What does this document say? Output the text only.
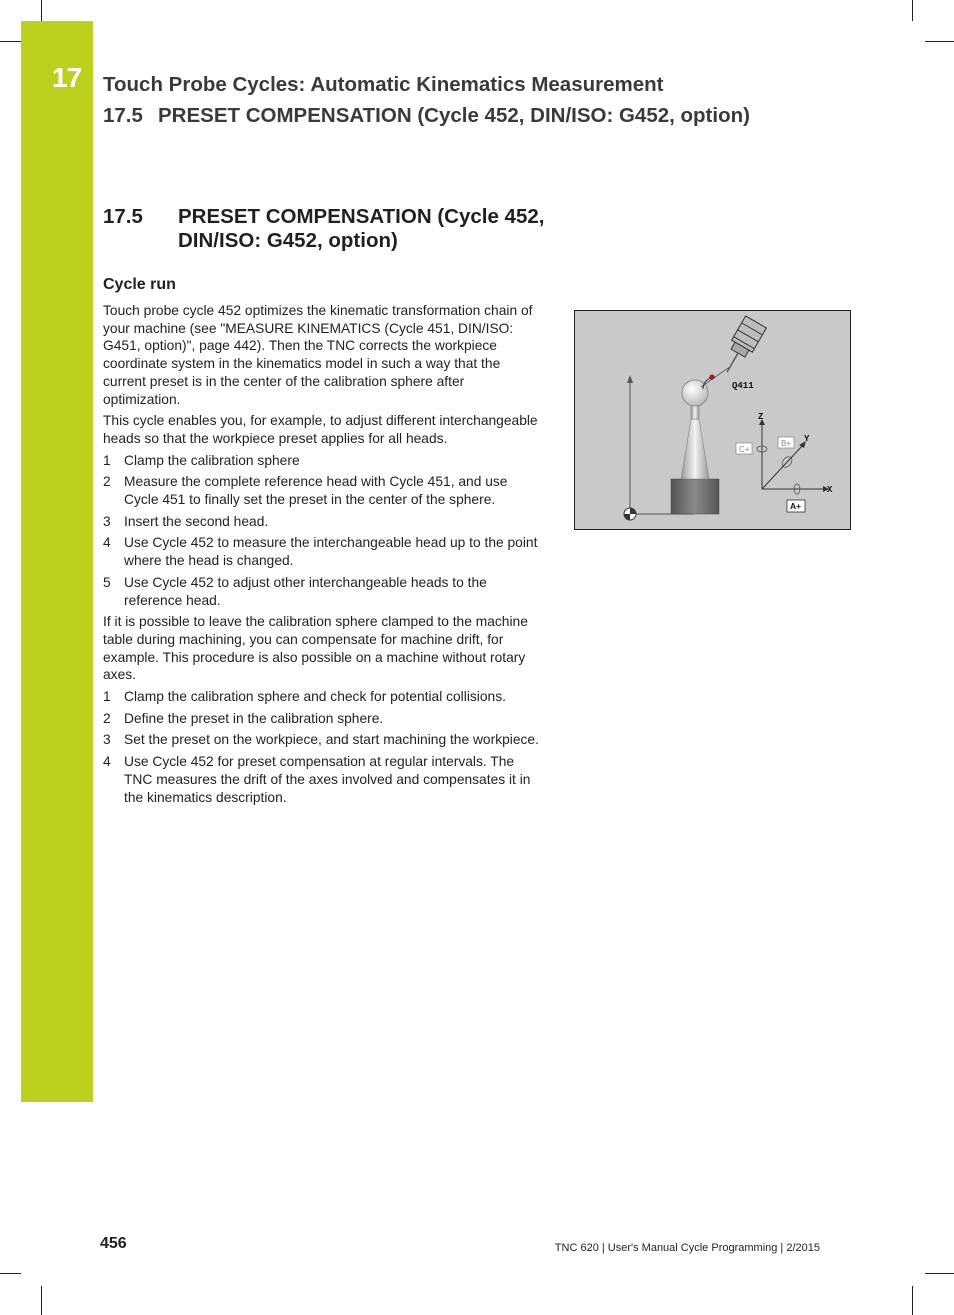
17 Touch Probe Cycles: Automatic Kinematics Measurement
17.5 PRESET COMPENSATION (Cycle 452, DIN/ISO: G452, option)
17.5 PRESET COMPENSATION (Cycle 452, DIN/ISO: G452, option)
Cycle run

Touch probe cycle 452 optimizes the kinematic transformation chain of your machine (see "MEASURE KINEMATICS (Cycle 451, DIN/ISO: G451, option)", page 442). Then the TNC corrects the workpiece coordinate system in the kinematics model in such a way that the current preset is in the center of the calibration sphere after optimization.

This cycle enables you, for example, to adjust different interchangeable heads so that the workpiece preset applies for all heads.

1 Clamp the calibration sphere
2 Measure the complete reference head with Cycle 451, and use Cycle 451 to finally set the preset in the center of the sphere.
3 Insert the second head.
4 Use Cycle 452 to measure the interchangeable head up to the point where the head is changed.
5 Use Cycle 452 to adjust other interchangeable heads to the reference head.

If it is possible to leave the calibration sphere clamped to the machine table during machining, you can compensate for machine drift, for example. This procedure is also possible on a machine without rotary axes.

1 Clamp the calibration sphere and check for potential collisions.
2 Define the preset in the calibration sphere.
3 Set the preset on the workpiece, and start machining the workpiece.
4 Use Cycle 452 for preset compensation at regular intervals. The TNC measures the drift of the axes involved and compensates it in the kinematics description.
Q411
Z
Y
X
C+
B+
A+
456	TNC 620 | User's Manual Cycle Programming | 2/2015
